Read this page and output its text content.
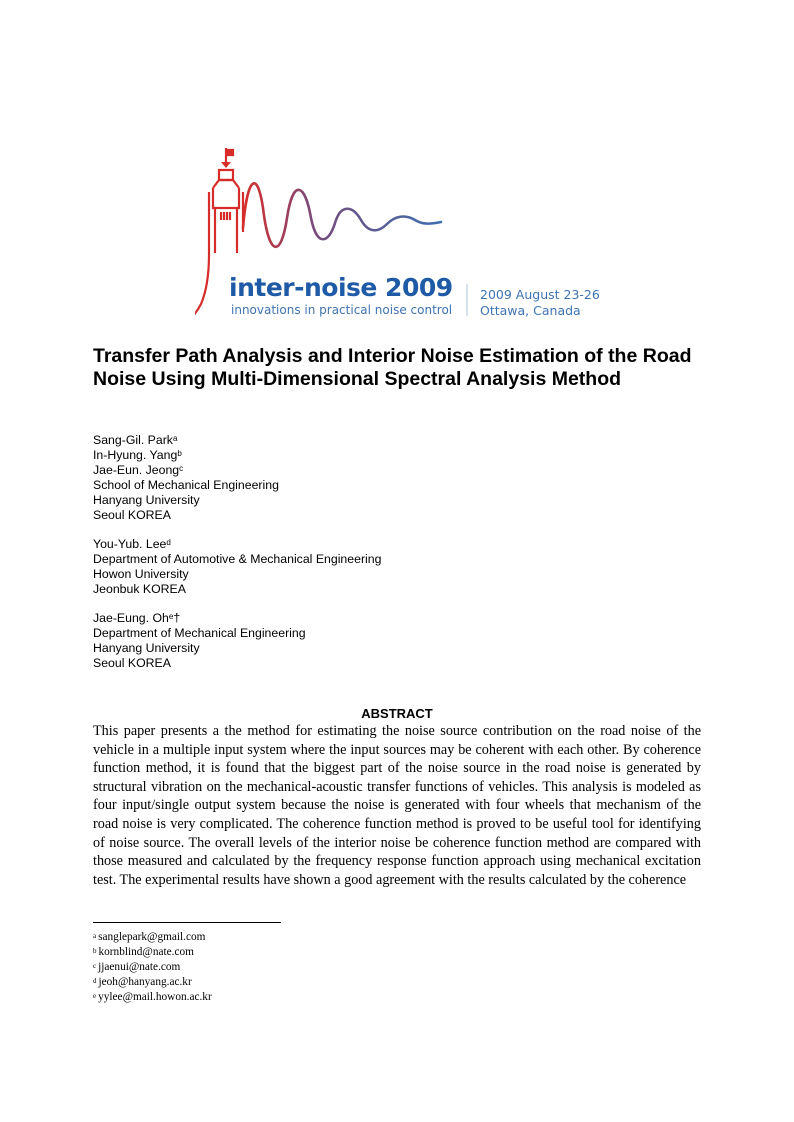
inter-noise 2009
innovations in practical noise control
2009 August 23-26
Ottawa, Canada
Transfer Path Analysis and Interior Noise Estimation of the Road Noise Using Multi-Dimensional Spectral Analysis Method
Sang-Gil. Park$^a$
In-Hyung. Yang$^b$
Jae-Eun. Jeong$^c$
School of Mechanical Engineering
Hanyang University
Seoul KOREA
You-Yub. Lee$^d$
Department of Automotive & Mechanical Engineering
Howon University
Jeonbuk KOREA
Jae-Eung. Oh$^e$†
Department of Mechanical Engineering
Hanyang University
Seoul KOREA
ABSTRACT

This paper presents a the method for estimating the noise source contribution on the road noise of the vehicle in a multiple input system where the input sources may be coherent with each other. By coherence function method, it is found that the biggest part of the noise source in the road noise is generated by structural vibration on the mechanical-acoustic transfer functions of vehicles. This analysis is modeled as four input/single output system because the noise is generated with four wheels that mechanism of the road noise is very complicated. The coherence function method is proved to be useful tool for identifying of noise source. The overall levels of the interior noise be coherence function method are compared with those measured and calculated by the frequency response function approach using mechanical excitation test. The experimental results have shown a good agreement with the results calculated by the coherence

$^a$ sanglepark@gmail.com
$^b$ kornblind@nate.com
$^c$ jjaenui@nate.com
$^d$ jeoh@hanyang.ac.kr
$^e$ yylee@mail.howon.ac.kr
